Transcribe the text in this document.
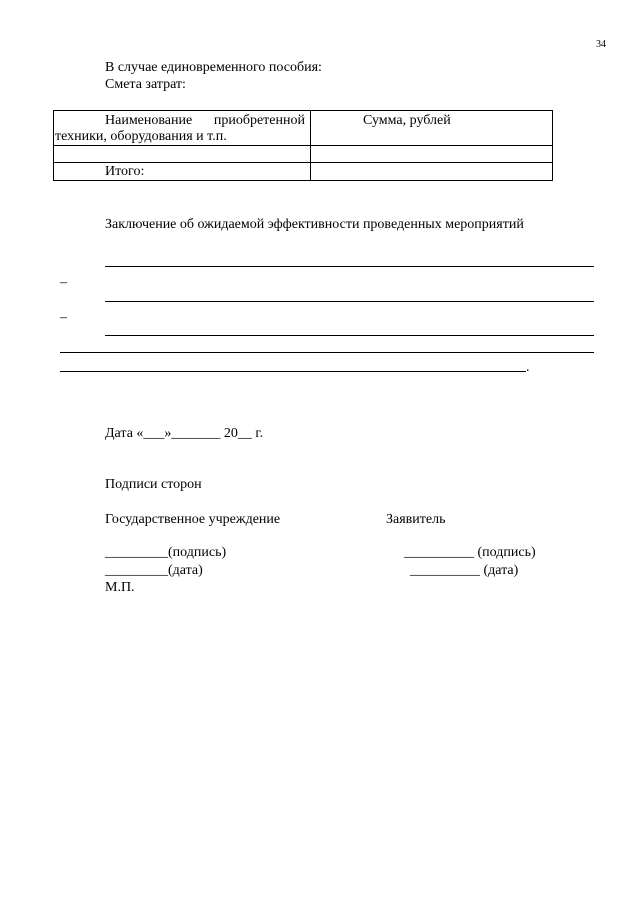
34
В случае единовременного пособия:
Смета затрат:
Наименование приобретенной
техники, оборудования и т.п.	Сумма, рублей

Итого:	

Заключение об ожидаемой эффективности проведенных мероприятий
–
–
.
Дата «___»_______ 20__ г.
Подписи сторон
Государственное учреждение	Заявитель
_________(подпись)	__________ (подпись)
_________(дата)	__________ (дата)
М.П.
